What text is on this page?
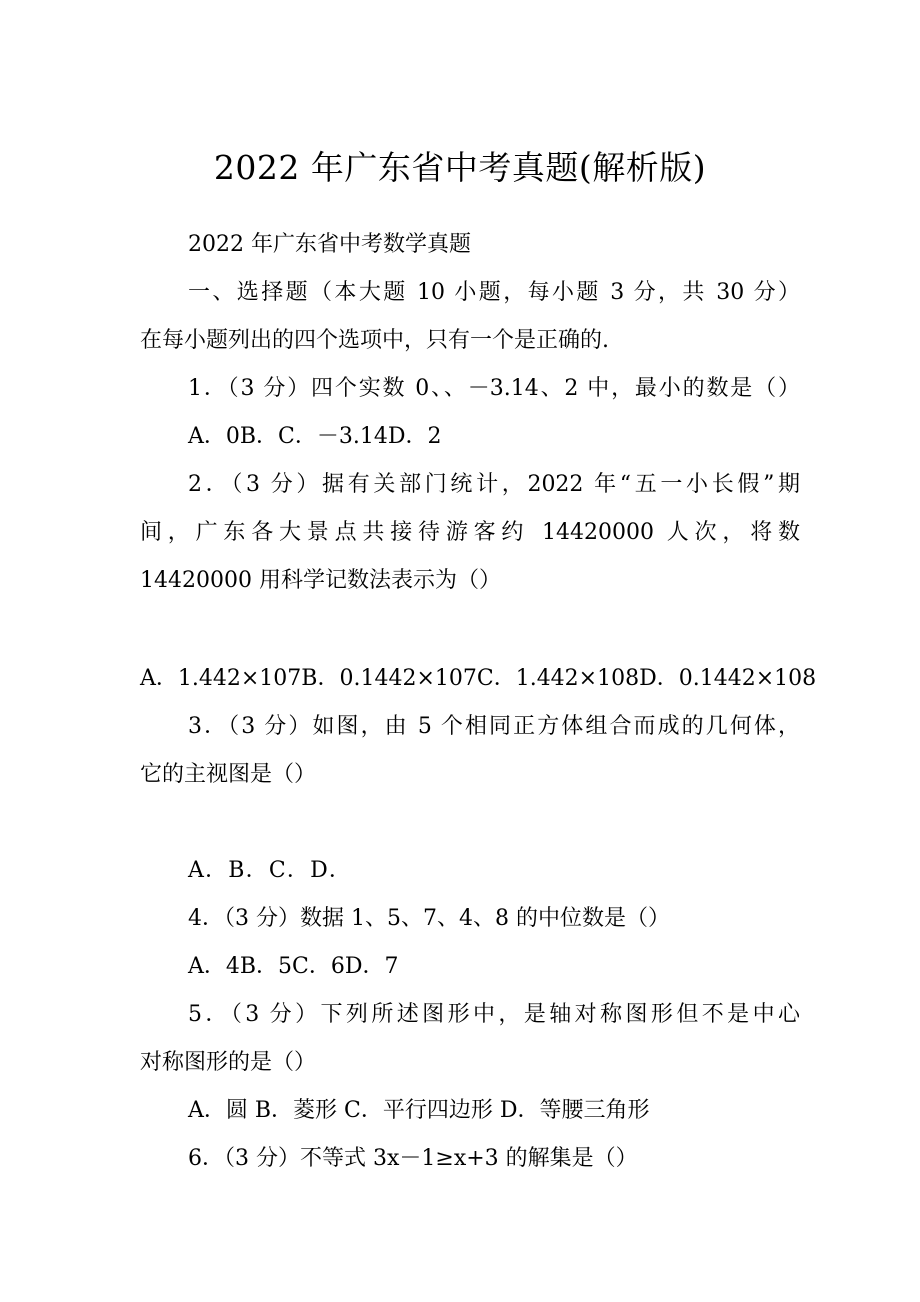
2022 年广东省中考真题(解析版)
2022 年广东省中考数学真题
一、选择题（本大题 10 小题，每小题 3 分，共 30 分）
在每小题列出的四个选项中，只有一个是正确的.
1．（3 分）四个实数 0、、－3.14、2 中，最小的数是（）
A．0B．C．－3.14D．2
2．（3 分）据有关部门统计，2022 年“五一小长假”期
间，广东各大景点共接待游客约 14420000 人次，将数
14420000 用科学记数法表示为（）
A．1.442×107B．0.1442×107C．1.442×108D．0.1442×108
3．（3 分）如图，由 5 个相同正方体组合而成的几何体，
它的主视图是（）
A．B．C．D．
4．（3 分）数据 1、5、7、4、8 的中位数是（）
A．4B．5C．6D．7
5．（3 分）下列所述图形中，是轴对称图形但不是中心
对称图形的是（）
A．圆 B．菱形 C．平行四边形 D．等腰三角形
6．（3 分）不等式 3x－1≥x+3 的解集是（）
